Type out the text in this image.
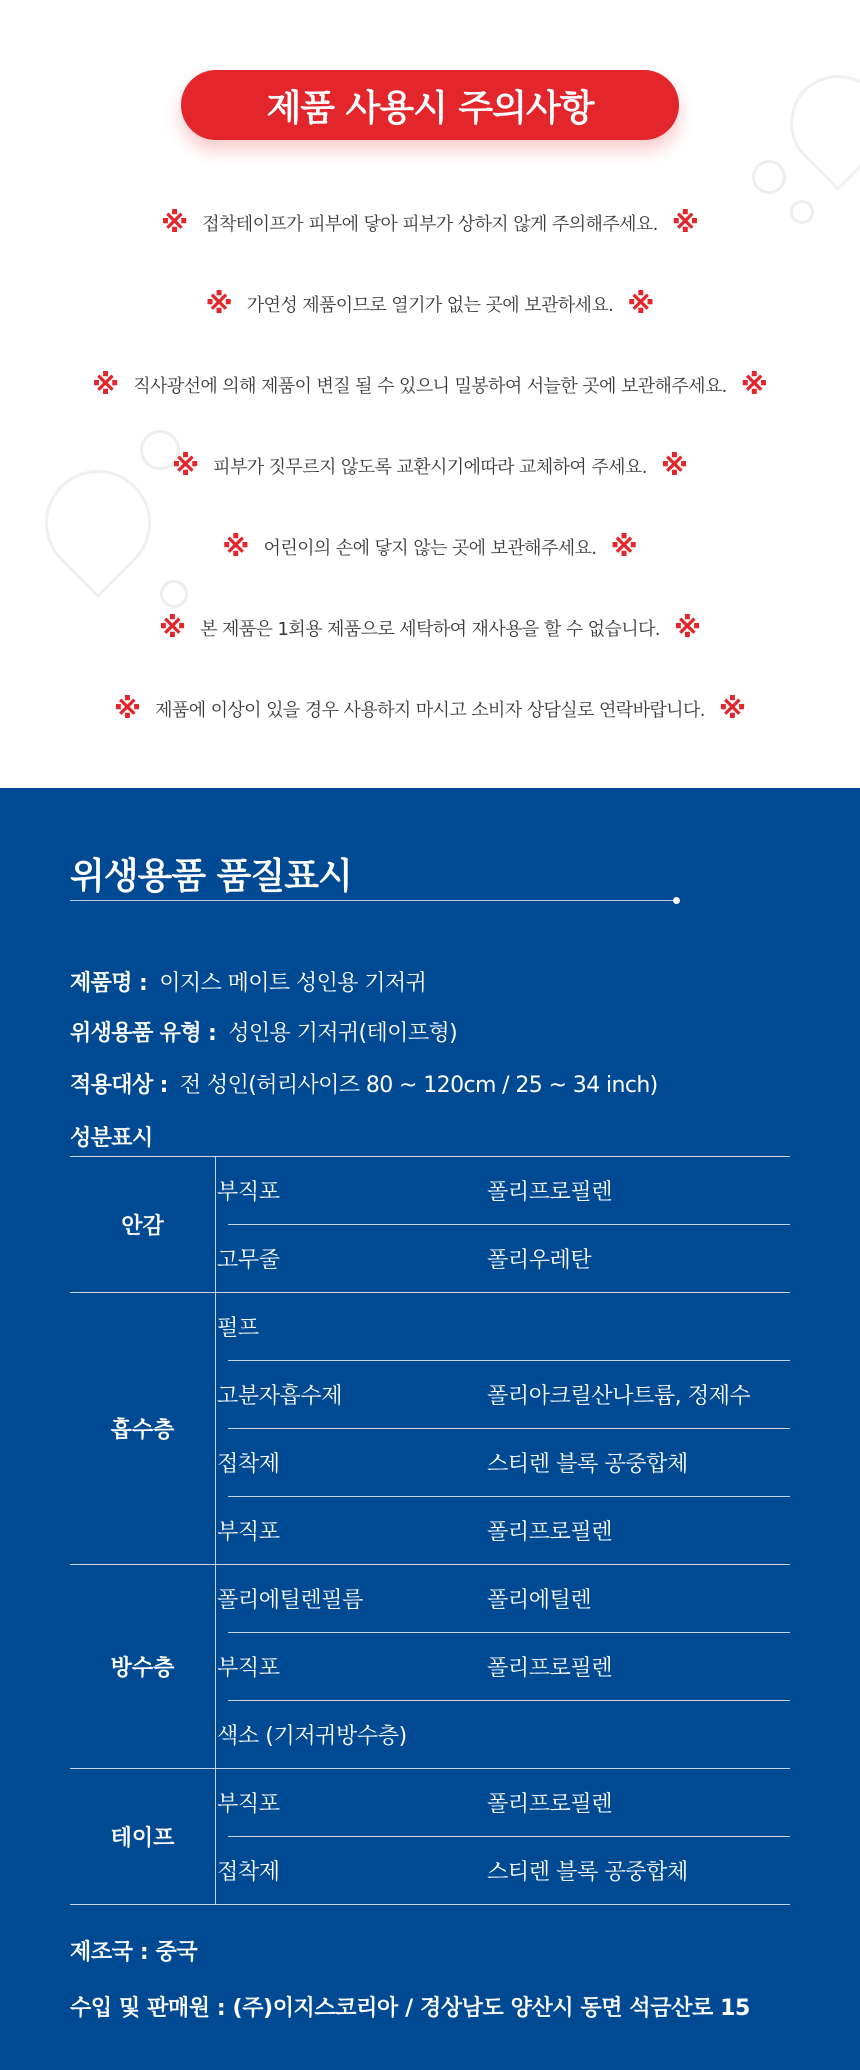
제품 사용시 주의사항
※ 접착테이프가 피부에 닿아 피부가 상하지 않게 주의해주세요. ※
※ 가연성 제품이므로 열기가 없는 곳에 보관하세요. ※
※ 직사광선에 의해 제품이 변질 될 수 있으니 밀봉하여 서늘한 곳에 보관해주세요. ※
※ 피부가 짓무르지 않도록 교환시기에따라 교체하여 주세요. ※
※ 어린이의 손에 닿지 않는 곳에 보관해주세요. ※
※ 본 제품은 1회용 제품으로 세탁하여 재사용을 할 수 없습니다. ※
※ 제품에 이상이 있을 경우 사용하지 마시고 소비자 상담실로 연락바랍니다. ※
위생용품 품질표시
제품명 : 이지스 메이트 성인용 기저귀
위생용품 유형 : 성인용 기저귀(테이프형)
적용대상 : 전 성인(허리사이즈 80 ~ 120cm / 25 ~ 34 inch)
성분표시
안감
부직포	폴리프로필렌
고무줄	폴리우레탄
흡수층
펄프
고분자흡수제	폴리아크릴산나트륨, 정제수
접착제	스티렌 블록 공중합체
부직포	폴리프로필렌
방수층
폴리에틸렌필름	폴리에틸렌
부직포	폴리프로필렌
색소 (기저귀방수층)
테이프
부직포	폴리프로필렌
접착제	스티렌 블록 공중합체
제조국 : 중국
수입 및 판매원 : (주)이지스코리아 / 경상남도 양산시 동면 석금산로 15
